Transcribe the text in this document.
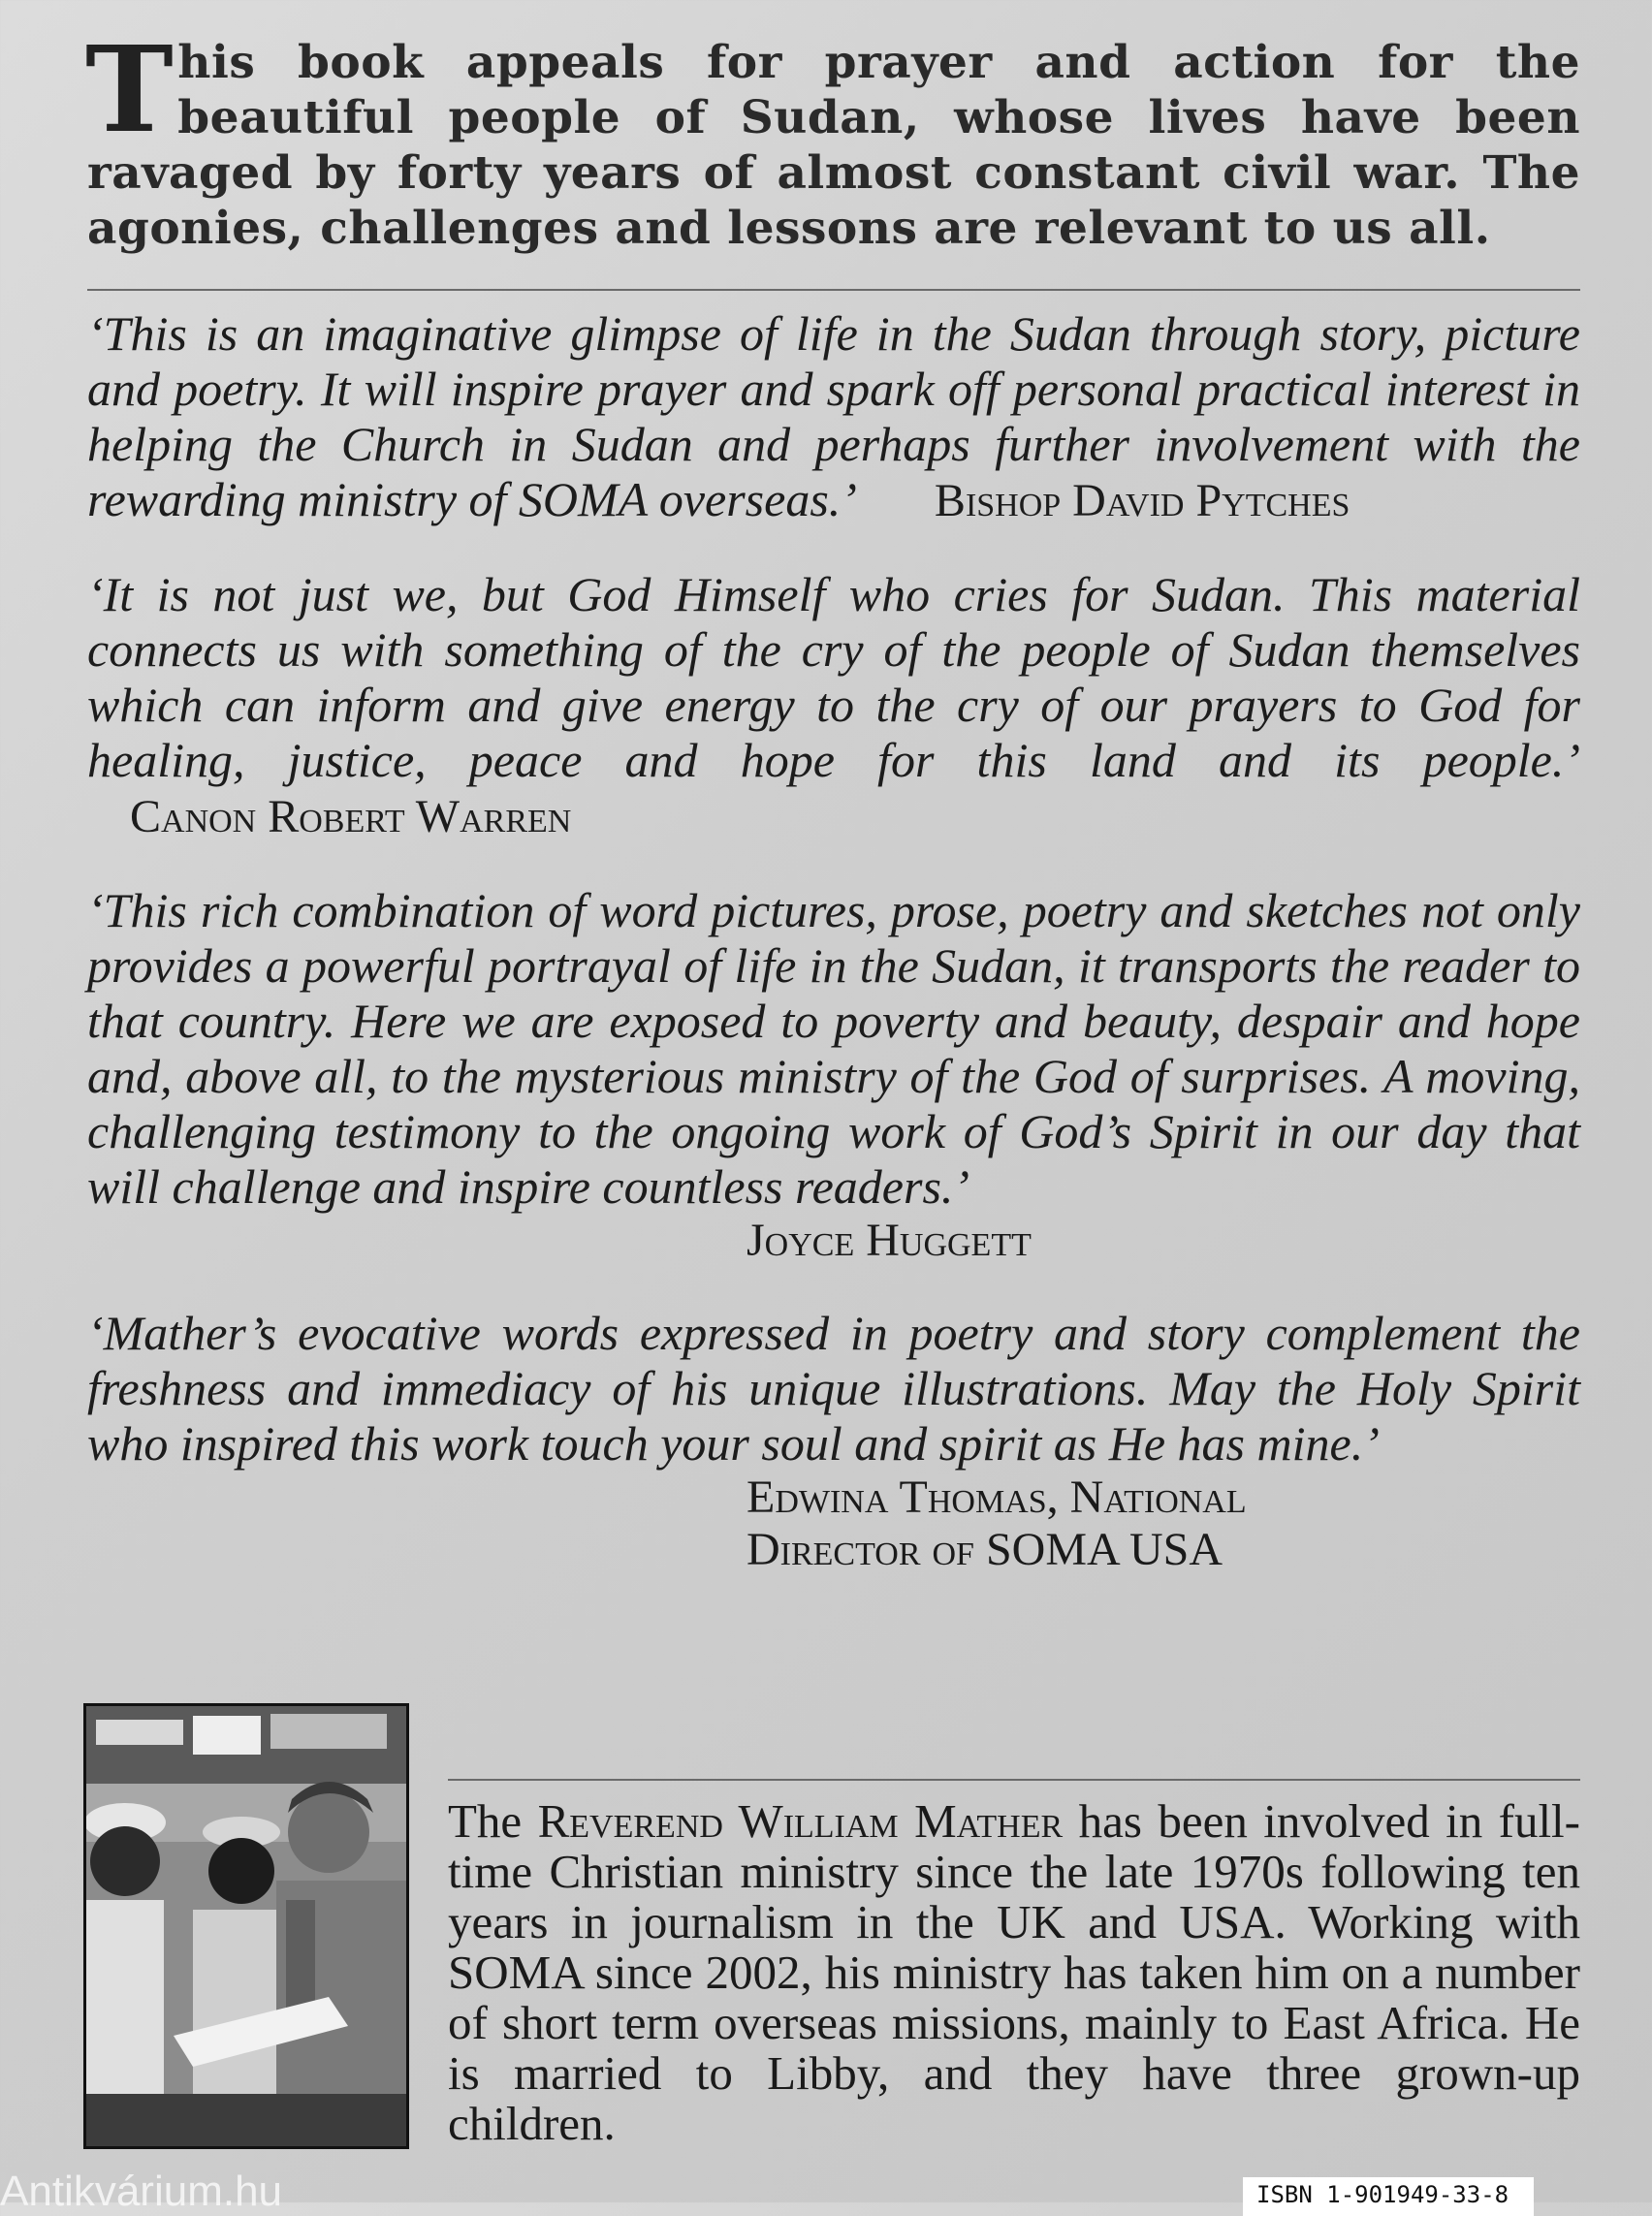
This book appeals for prayer and action for the beautiful people of Sudan, whose lives have been ravaged by forty years of almost constant civil war. The agonies, challenges and lessons are relevant to us all.

‘This is an imaginative glimpse of life in the Sudan through story, picture and poetry. It will inspire prayer and spark off personal practical interest in helping the Church in Sudan and perhaps further involvement with the rewarding ministry of SOMA overseas.’ Bishop David Pytches

‘It is not just we, but God Himself who cries for Sudan. This material connects us with something of the cry of the people of Sudan themselves which can inform and give energy to the cry of our prayers to God for healing, justice, peace and hope for this land and its people.’Canon Robert Warren

‘This rich combination of word pictures, prose, poetry and sketches not only provides a powerful portrayal of life in the Sudan, it transports the reader to that country. Here we are exposed to poverty and beauty, despair and hope and, above all, to the mysterious ministry of the God of surprises. A moving, challenging testimony to the ongoing work of God’s Spirit in our day that will challenge and inspire countless readers.’

Joyce Huggett

‘Mather’s evocative words expressed in poetry and story complement the freshness and immediacy of his unique illustrations. May the Holy Spirit who inspired this work touch your soul and spirit as He has mine.’

Edwina Thomas, National
Director of SOMA USA

The Reverend William Mather has been involved in full-time Christian ministry since the late 1970s following ten years in journalism in the UK and USA. Working with SOMA since 2002, his ministry has taken him on a number of short term overseas missions, mainly to East Africa. He is married to Libby, and they have three grown-up children.

Antikvárium.hu	ISBN 1-901949-33-8
